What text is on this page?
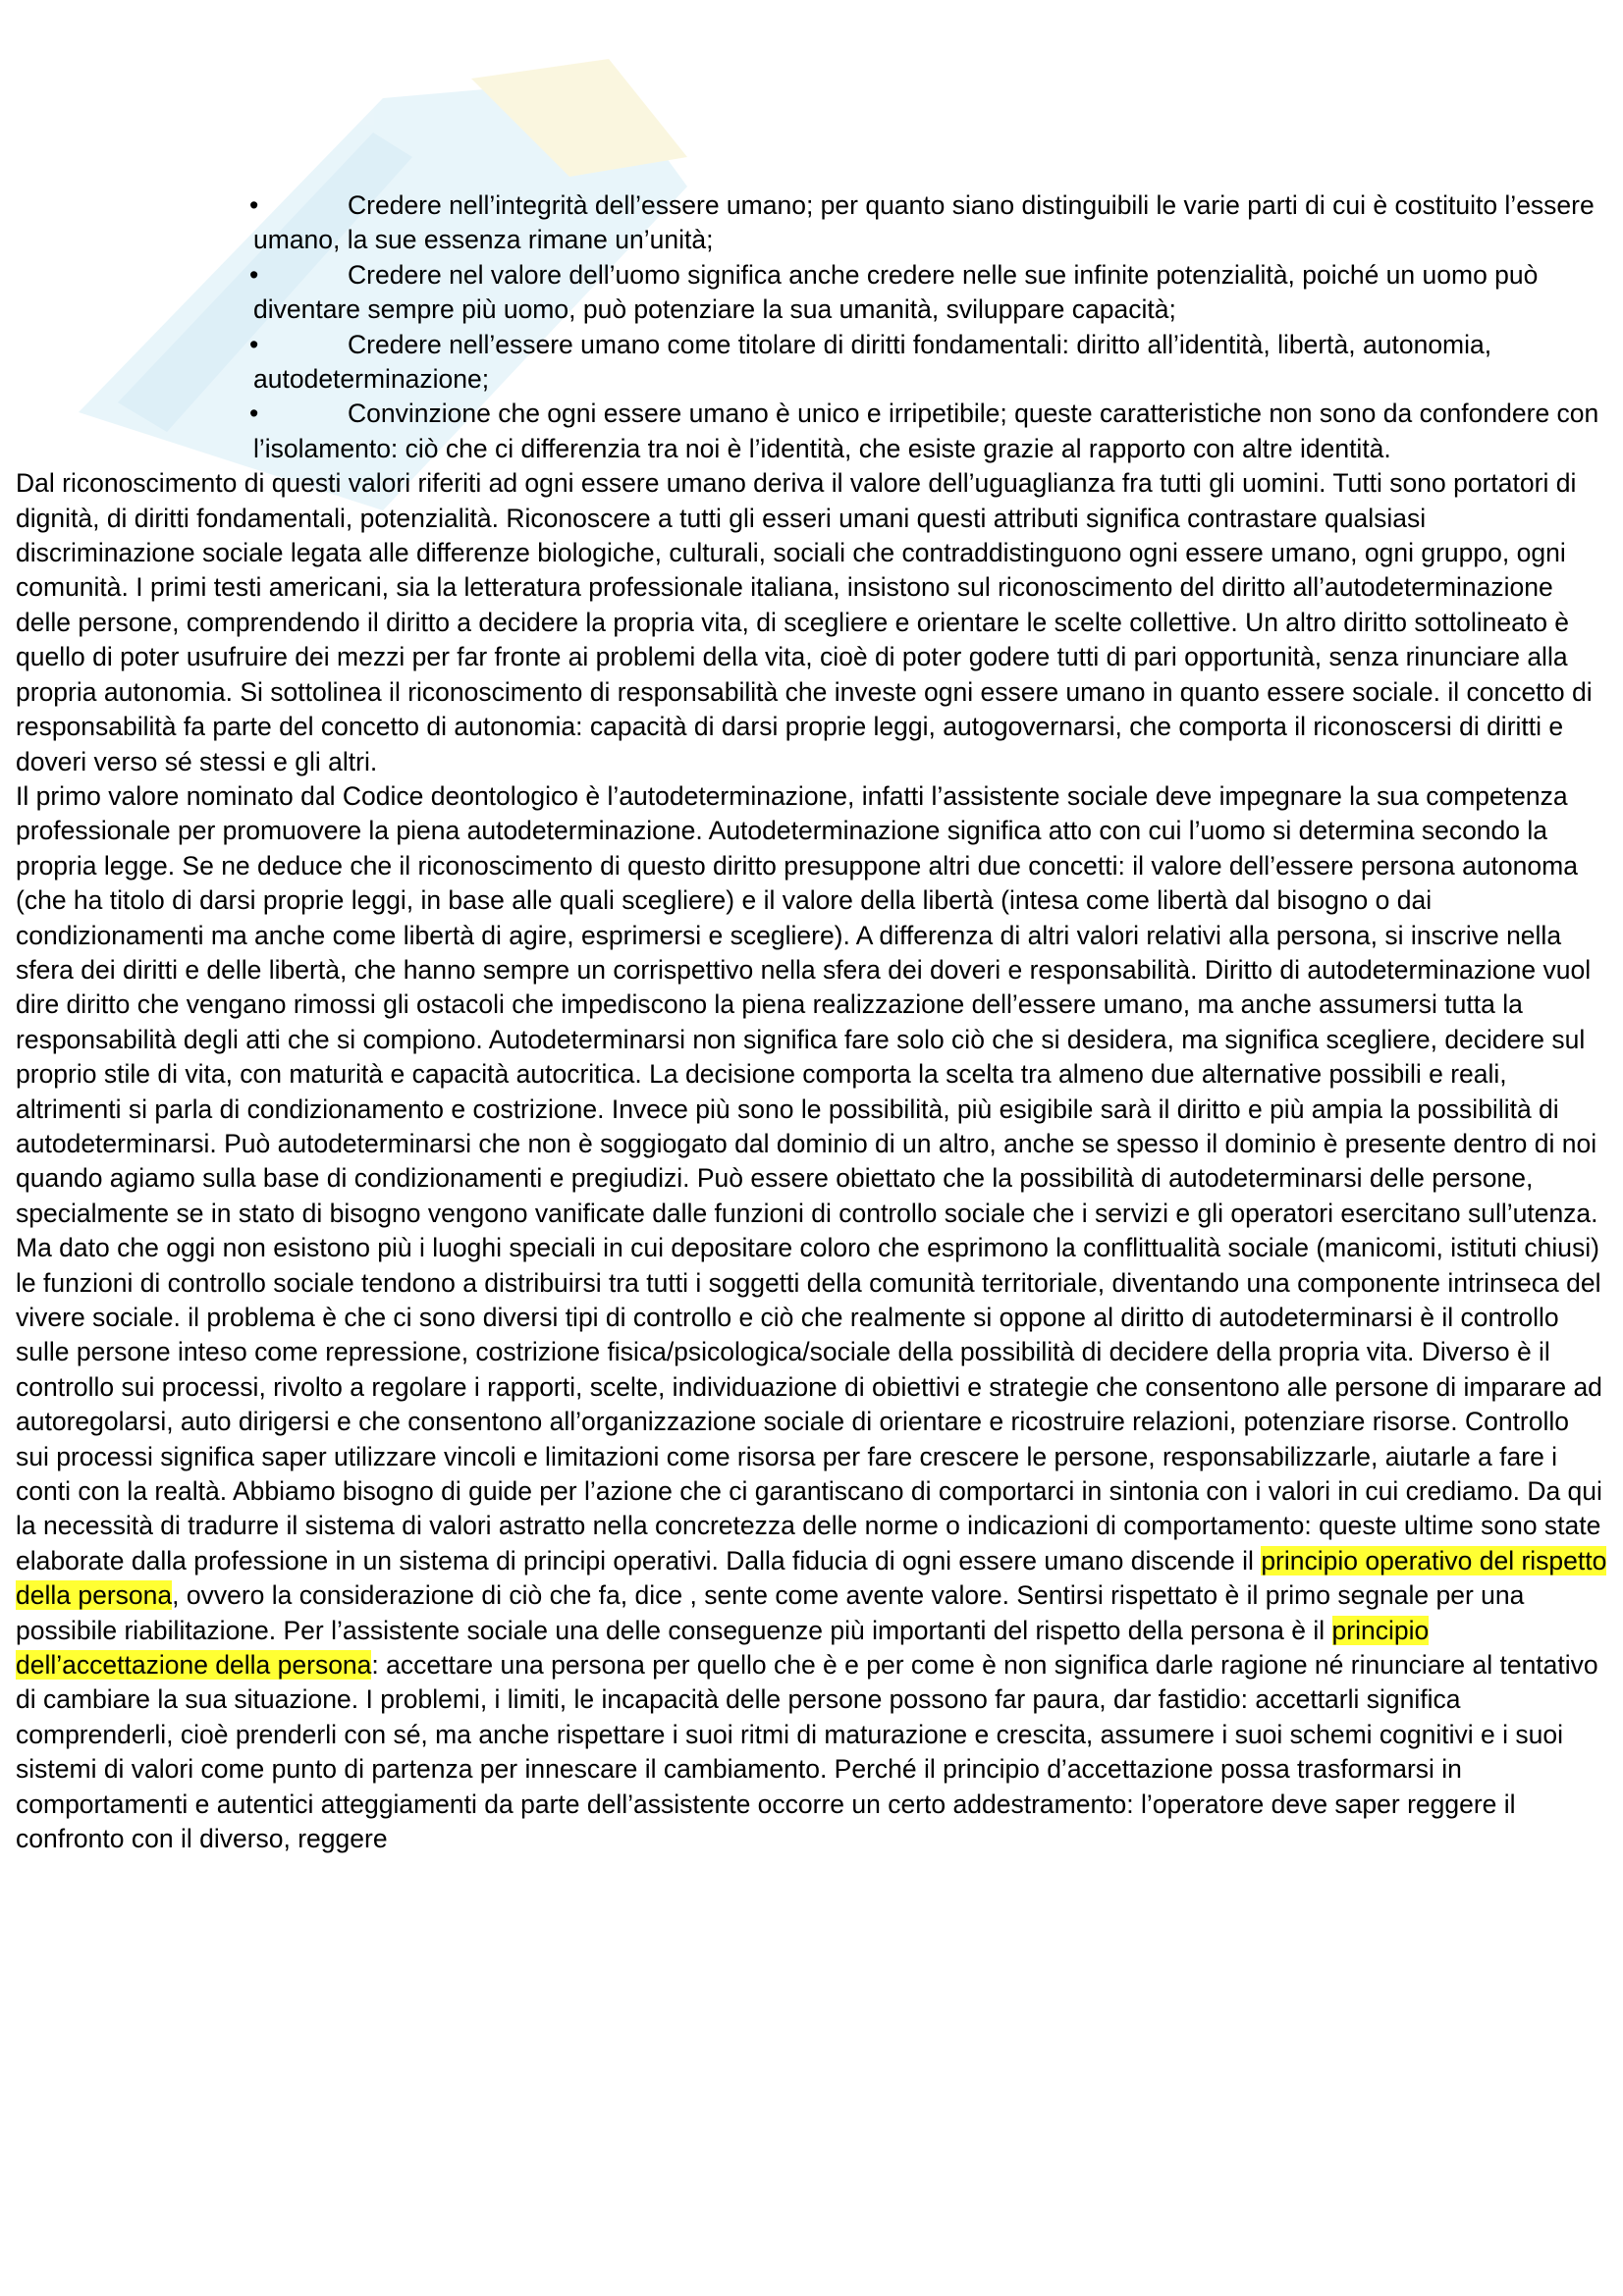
•	Credere nell’integrità dell’essere umano; per quanto siano distinguibili le varie parti di cui è costituito l’essere umano, la sue essenza rimane un’unità;
•	Credere nel valore dell’uomo significa anche credere nelle sue infinite potenzialità, poiché un uomo può diventare sempre più uomo, può potenziare la sua umanità, sviluppare capacità;
•	Credere nell’essere umano come titolare di diritti fondamentali: diritto all’identità, libertà, autonomia, autodeterminazione;
•	Convinzione che ogni essere umano è unico e irripetibile; queste caratteristiche non sono da confondere con l’isolamento: ciò che ci differenzia tra noi è l’identità, che esiste grazie al rapporto con altre identità.

Dal riconoscimento di questi valori riferiti ad ogni essere umano deriva il valore dell’uguaglianza fra tutti gli uomini. Tutti sono portatori di dignità, di diritti fondamentali, potenzialità. Riconoscere a tutti gli esseri umani questi attributi significa contrastare qualsiasi discriminazione sociale legata alle differenze biologiche, culturali, sociali che contraddistinguono ogni essere umano, ogni gruppo, ogni comunità. I primi testi americani, sia la letteratura professionale italiana, insistono sul riconoscimento del diritto all’autodeterminazione delle persone, comprendendo il diritto a decidere la propria vita, di scegliere e orientare le scelte collettive. Un altro diritto sottolineato è quello di poter usufruire dei mezzi per far fronte ai problemi della vita, cioè di poter godere tutti di pari opportunità, senza rinunciare alla propria autonomia. Si sottolinea il riconoscimento di responsabilità che investe ogni essere umano in quanto essere sociale. il concetto di responsabilità fa parte del concetto di autonomia: capacità di darsi proprie leggi, autogovernarsi, che comporta il riconoscersi di diritti e doveri verso sé stessi e gli altri.

Il primo valore nominato dal Codice deontologico è l’autodeterminazione, infatti l’assistente sociale deve impegnare la sua competenza professionale per promuovere la piena autodeterminazione. Autodeterminazione significa atto con cui l’uomo si determina secondo la propria legge. Se ne deduce che il riconoscimento di questo diritto presuppone altri due concetti: il valore dell’essere persona autonoma (che ha titolo di darsi proprie leggi, in base alle quali scegliere) e il valore della libertà (intesa come libertà dal bisogno o dai condizionamenti ma anche come libertà di agire, esprimersi e scegliere). A differenza di altri valori relativi alla persona, si inscrive nella sfera dei diritti e delle libertà, che hanno sempre un corrispettivo nella sfera dei doveri e responsabilità. Diritto di autodeterminazione vuol dire diritto che vengano rimossi gli ostacoli che impediscono la piena realizzazione dell’essere umano, ma anche assumersi tutta la responsabilità degli atti che si compiono. Autodeterminarsi non significa fare solo ciò che si desidera, ma significa scegliere, decidere sul proprio stile di vita, con maturità e capacità autocritica. La decisione comporta la scelta tra almeno due alternative possibili e reali, altrimenti si parla di condizionamento e costrizione. Invece più sono le possibilità, più esigibile sarà il diritto e più ampia la possibilità di autodeterminarsi. Può autodeterminarsi che non è soggiogato dal dominio di un altro, anche se spesso il dominio è presente dentro di noi quando agiamo sulla base di condizionamenti e pregiudizi. Può essere obiettato che la possibilità di autodeterminarsi delle persone, specialmente se in stato di bisogno vengono vanificate dalle funzioni di controllo sociale che i servizi e gli operatori esercitano sull’utenza.

Ma dato che oggi non esistono più i luoghi speciali in cui depositare coloro che esprimono la conflittualità sociale (manicomi, istituti chiusi) le funzioni di controllo sociale tendono a distribuirsi tra tutti i soggetti della comunità territoriale, diventando una componente intrinseca del vivere sociale. il problema è che ci sono diversi tipi di controllo e ciò che realmente si oppone al diritto di autodeterminarsi è il controllo sulle persone inteso come repressione, costrizione fisica/psicologica/sociale della possibilità di decidere della propria vita. Diverso è il controllo sui processi, rivolto a regolare i rapporti, scelte, individuazione di obiettivi e strategie che consentono alle persone di imparare ad autoregolarsi, auto dirigersi e che consentono all’organizzazione sociale di orientare e ricostruire relazioni, potenziare risorse. Controllo sui processi significa saper utilizzare vincoli e limitazioni come risorsa per fare crescere le persone, responsabilizzarle, aiutarle a fare i conti con la realtà. Abbiamo bisogno di guide per l’azione che ci garantiscano di comportarci in sintonia con i valori in cui crediamo. Da qui la necessità di tradurre il sistema di valori astratto nella concretezza delle norme o indicazioni di comportamento: queste ultime sono state elaborate dalla professione in un sistema di principi operativi. Dalla fiducia di ogni essere umano discende il principio operativo del rispetto della persona, ovvero la considerazione di ciò che fa, dice , sente come avente valore. Sentirsi rispettato è il primo segnale per una possibile riabilitazione. Per l’assistente sociale una delle conseguenze più importanti del rispetto della persona è il principio dell’accettazione della persona: accettare una persona per quello che è e per come è non significa darle ragione né rinunciare al tentativo di cambiare la sua situazione. I problemi, i limiti, le incapacità delle persone possono far paura, dar fastidio: accettarli significa comprenderli, cioè prenderli con sé, ma anche rispettare i suoi ritmi di maturazione e crescita, assumere i suoi schemi cognitivi e i suoi sistemi di valori come punto di partenza per innescare il cambiamento. Perché il principio d’accettazione possa trasformarsi in comportamenti e autentici atteggiamenti da parte dell’assistente occorre un certo addestramento: l’operatore deve saper reggere il confronto con il diverso, reggere
